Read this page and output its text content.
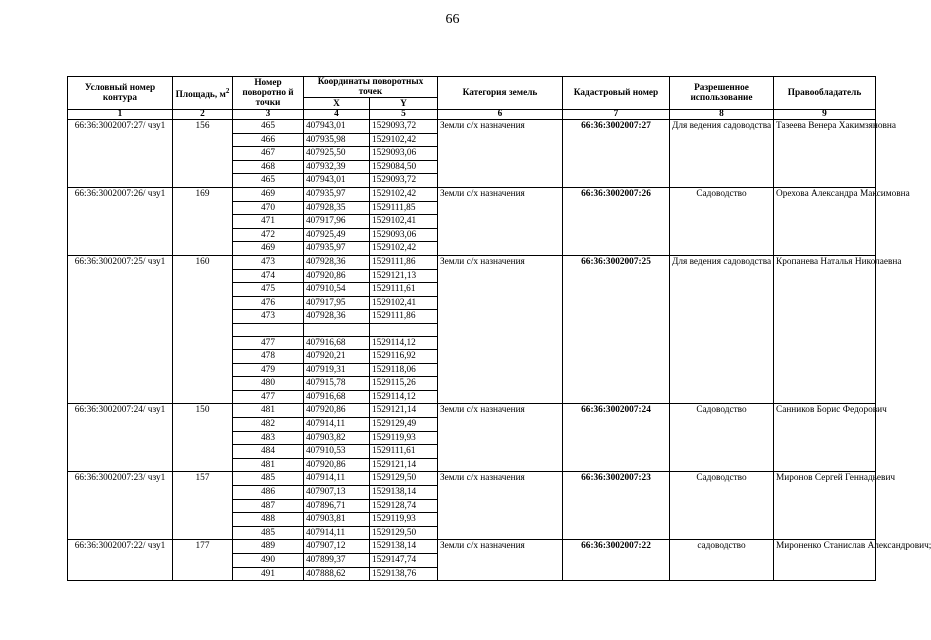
66
Условный номер контура	Площадь, $м^2$	Номер поворотно й точки	Координаты поворотных точек		Категория земель	Кадастровый номер	Разрешенное использование	Правообладатель
			X	Y				
1	2	3	4	5	6	7	8	9
66:36:3002007:27/ чзу1	156	465	407943,01	1529093,72	Земли с/х назначения	66:36:3002007:27	Для ведения садоводства	Тазеева Венера Хакимзяновна
		466	407935,98	1529102,42				
		467	407925,50	1529093,06				
		468	407932,39	1529084,50				
		465	407943,01	1529093,72				
66:36:3002007:26/ чзу1	169	469	407935,97	1529102,42	Земли с/х назначения	66:36:3002007:26	Садоводство	Орехова Александра Максимовна
		470	407928,35	1529111,85				
		471	407917,96	1529102,41				
		472	407925,49	1529093,06				
		469	407935,97	1529102,42				
66:36:3002007:25/ чзу1	160	473	407928,36	1529111,86	Земли с/х назначения	66:36:3002007:25	Для ведения садоводства	Кропанева Наталья Николаевна
		474	407920,86	1529121,13				
		475	407910,54	1529111,61				
		476	407917,95	1529102,41				
		473	407928,36	1529111,86				

		477	407916,68	1529114,12				
		478	407920,21	1529116,92				
		479	407919,31	1529118,06				
		480	407915,78	1529115,26				
		477	407916,68	1529114,12				
66:36:3002007:24/ чзу1	150	481	407920,86	1529121,14	Земли с/х назначения	66:36:3002007:24	Садоводство	Санников Борис Федорович
		482	407914,11	1529129,49				
		483	407903,82	1529119,93				
		484	407910,53	1529111,61				
		481	407920,86	1529121,14				
66:36:3002007:23/ чзу1	157	485	407914,11	1529129,50	Земли с/х назначения	66:36:3002007:23	Садоводство	Миронов Сергей Геннадьевич
		486	407907,13	1529138,14				
		487	407896,71	1529128,74				
		488	407903,81	1529119,93				
		485	407914,11	1529129,50				
66:36:3002007:22/ чзу1	177	489	407907,12	1529138,14	Земли с/х назначения	66:36:3002007:22	садоводство	Мироненко Станислав Александрович;
		490	407899,37	1529147,74				
		491	407888,62	1529138,76				
